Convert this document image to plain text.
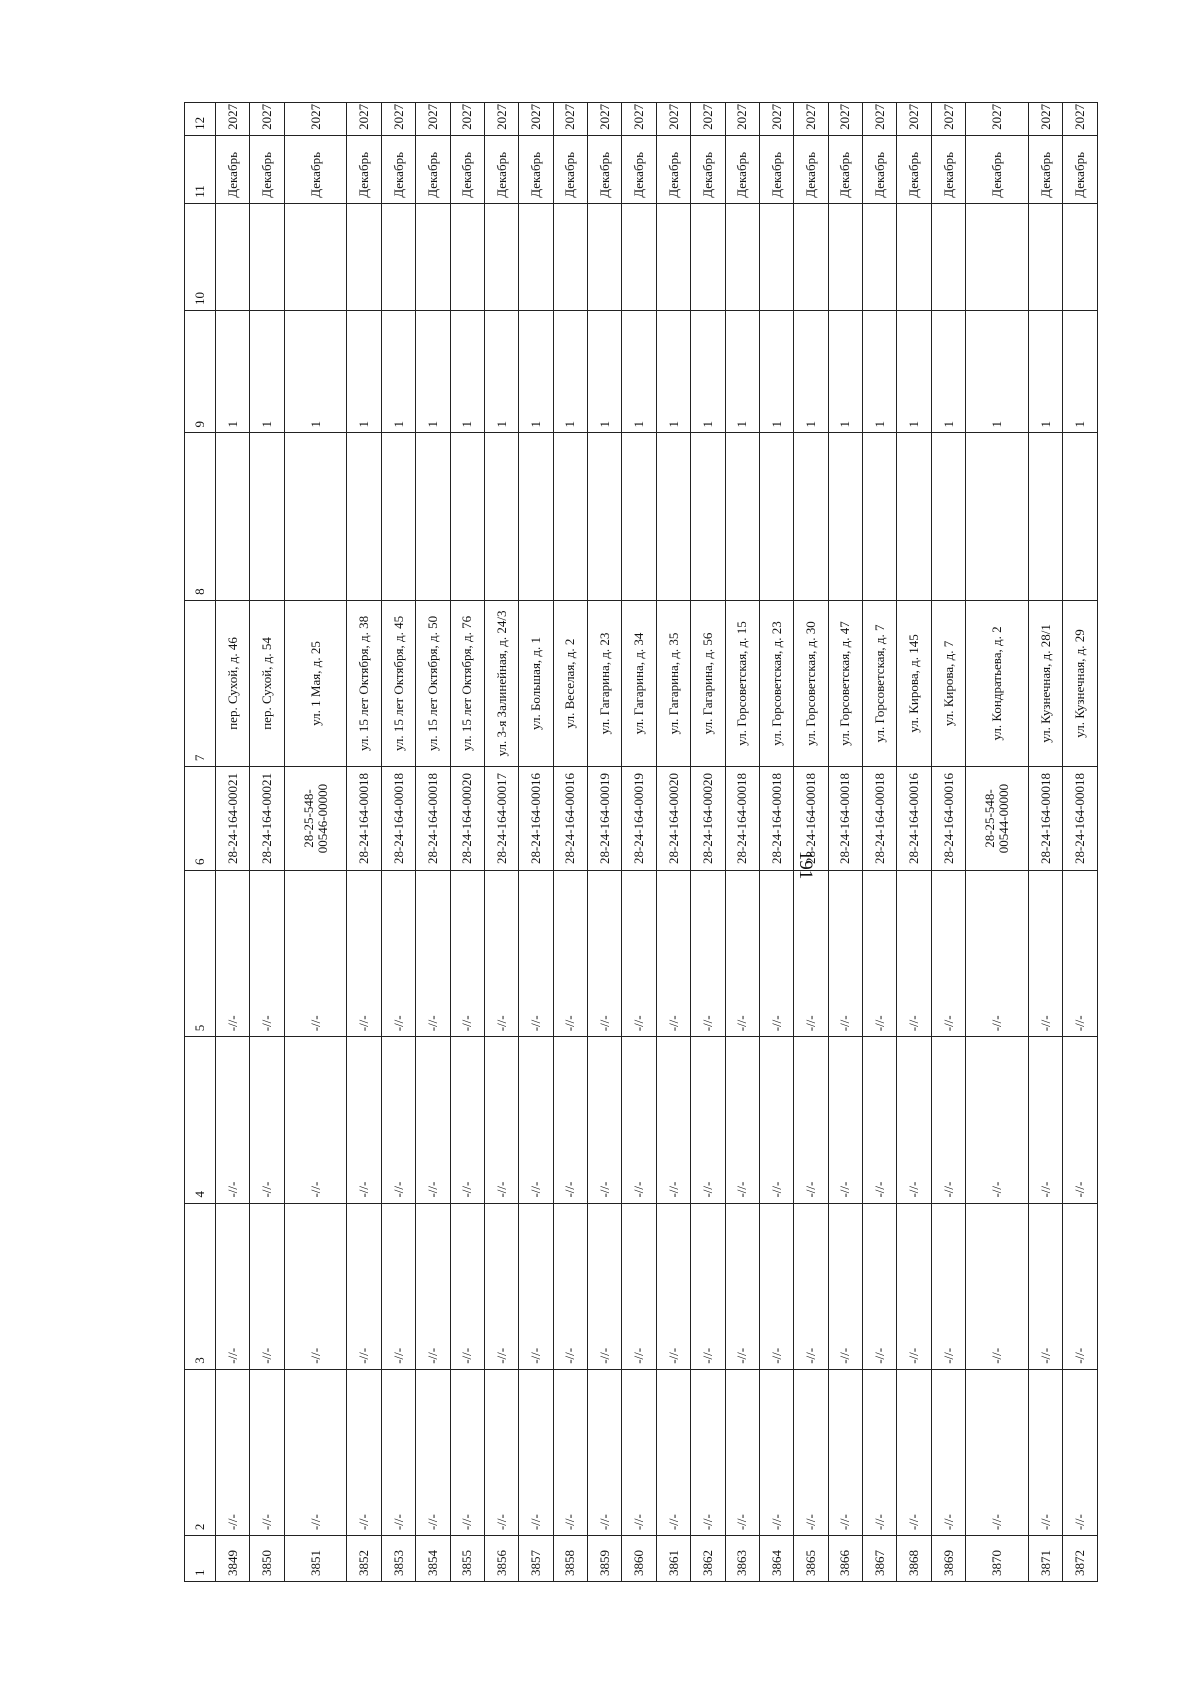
191
1	2	3	4	5	6	7	8	9	10	11	12
3849	-//-	-//-	-//-	-//-	28-24-164-00021	пер. Сухой, д. 46		1		Декабрь	2027
3850	-//-	-//-	-//-	-//-	28-24-164-00021	пер. Сухой, д. 54		1		Декабрь	2027
3851	-//-	-//-	-//-	-//-	28-25-548-00546-00000	ул. 1 Мая, д. 25		1		Декабрь	2027
3852	-//-	-//-	-//-	-//-	28-24-164-00018	ул. 15 лет Октября, д. 38		1		Декабрь	2027
3853	-//-	-//-	-//-	-//-	28-24-164-00018	ул. 15 лет Октября, д. 45		1		Декабрь	2027
3854	-//-	-//-	-//-	-//-	28-24-164-00018	ул. 15 лет Октября, д. 50		1		Декабрь	2027
3855	-//-	-//-	-//-	-//-	28-24-164-00020	ул. 15 лет Октября, д. 76		1		Декабрь	2027
3856	-//-	-//-	-//-	-//-	28-24-164-00017	ул. 3-я Залинейная, д. 24/3		1		Декабрь	2027
3857	-//-	-//-	-//-	-//-	28-24-164-00016	ул. Большая, д. 1		1		Декабрь	2027
3858	-//-	-//-	-//-	-//-	28-24-164-00016	ул. Веселая, д. 2		1		Декабрь	2027
3859	-//-	-//-	-//-	-//-	28-24-164-00019	ул. Гагарина, д. 23		1		Декабрь	2027
3860	-//-	-//-	-//-	-//-	28-24-164-00019	ул. Гагарина, д. 34		1		Декабрь	2027
3861	-//-	-//-	-//-	-//-	28-24-164-00020	ул. Гагарина, д. 35		1		Декабрь	2027
3862	-//-	-//-	-//-	-//-	28-24-164-00020	ул. Гагарина, д. 56		1		Декабрь	2027
3863	-//-	-//-	-//-	-//-	28-24-164-00018	ул. Горсоветская, д. 15		1		Декабрь	2027
3864	-//-	-//-	-//-	-//-	28-24-164-00018	ул. Горсоветская, д. 23		1		Декабрь	2027
3865	-//-	-//-	-//-	-//-	28-24-164-00018	ул. Горсоветская, д. 30		1		Декабрь	2027
3866	-//-	-//-	-//-	-//-	28-24-164-00018	ул. Горсоветская, д. 47		1		Декабрь	2027
3867	-//-	-//-	-//-	-//-	28-24-164-00018	ул. Горсоветская, д. 7		1		Декабрь	2027
3868	-//-	-//-	-//-	-//-	28-24-164-00016	ул. Кирова, д. 145		1		Декабрь	2027
3869	-//-	-//-	-//-	-//-	28-24-164-00016	ул. Кирова, д. 7		1		Декабрь	2027
3870	-//-	-//-	-//-	-//-	28-25-548-00544-00000	ул. Кондратьева, д. 2		1		Декабрь	2027
3871	-//-	-//-	-//-	-//-	28-24-164-00018	ул. Кузнечная, д. 28/1		1		Декабрь	2027
3872	-//-	-//-	-//-	-//-	28-24-164-00018	ул. Кузнечная, д. 29		1		Декабрь	2027
